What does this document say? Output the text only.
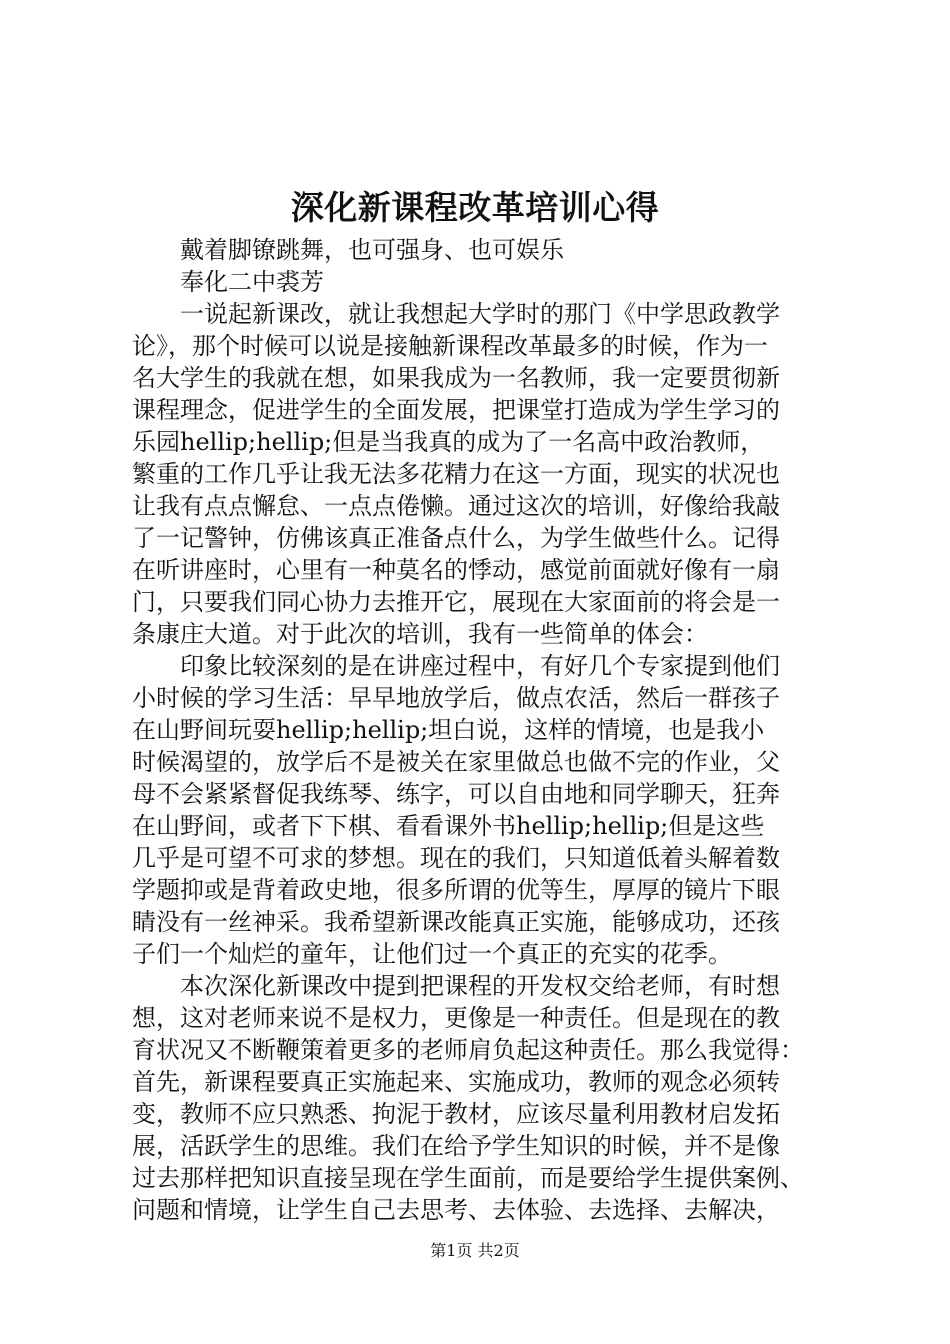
深化新课程改革培训心得
戴着脚镣跳舞，也可强身、也可娱乐
奉化二中裘芳
一说起新课改，就让我想起大学时的那门《中学思政教学
论》，那个时候可以说是接触新课程改革最多的时候，作为一
名大学生的我就在想，如果我成为一名教师，我一定要贯彻新
课程理念，促进学生的全面发展，把课堂打造成为学生学习的
乐园hellip;hellip;但是当我真的成为了一名高中政治教师，
繁重的工作几乎让我无法多花精力在这一方面，现实的状况也
让我有点点懈怠、一点点倦懒。通过这次的培训，好像给我敲
了一记警钟，仿佛该真正准备点什么，为学生做些什么。记得
在听讲座时，心里有一种莫名的悸动，感觉前面就好像有一扇
门，只要我们同心协力去推开它，展现在大家面前的将会是一
条康庄大道。对于此次的培训，我有一些简单的体会：
印象比较深刻的是在讲座过程中，有好几个专家提到他们
小时候的学习生活：早早地放学后，做点农活，然后一群孩子
在山野间玩耍hellip;hellip;坦白说，这样的情境，也是我小
时候渴望的，放学后不是被关在家里做总也做不完的作业，父
母不会紧紧督促我练琴、练字，可以自由地和同学聊天，狂奔
在山野间，或者下下棋、看看课外书hellip;hellip;但是这些
几乎是可望不可求的梦想。现在的我们，只知道低着头解着数
学题抑或是背着政史地，很多所谓的优等生，厚厚的镜片下眼
睛没有一丝神采。我希望新课改能真正实施，能够成功，还孩
子们一个灿烂的童年，让他们过一个真正的充实的花季。
本次深化新课改中提到把课程的开发权交给老师，有时想
想，这对老师来说不是权力，更像是一种责任。但是现在的教
育状况又不断鞭策着更多的老师肩负起这种责任。那么我觉得：
首先，新课程要真正实施起来、实施成功，教师的观念必须转
变，教师不应只熟悉、拘泥于教材，应该尽量利用教材启发拓
展，活跃学生的思维。我们在给予学生知识的时候，并不是像
过去那样把知识直接呈现在学生面前，而是要给学生提供案例、
问题和情境，让学生自己去思考、去体验、去选择、去解决，
第1页 共2页
